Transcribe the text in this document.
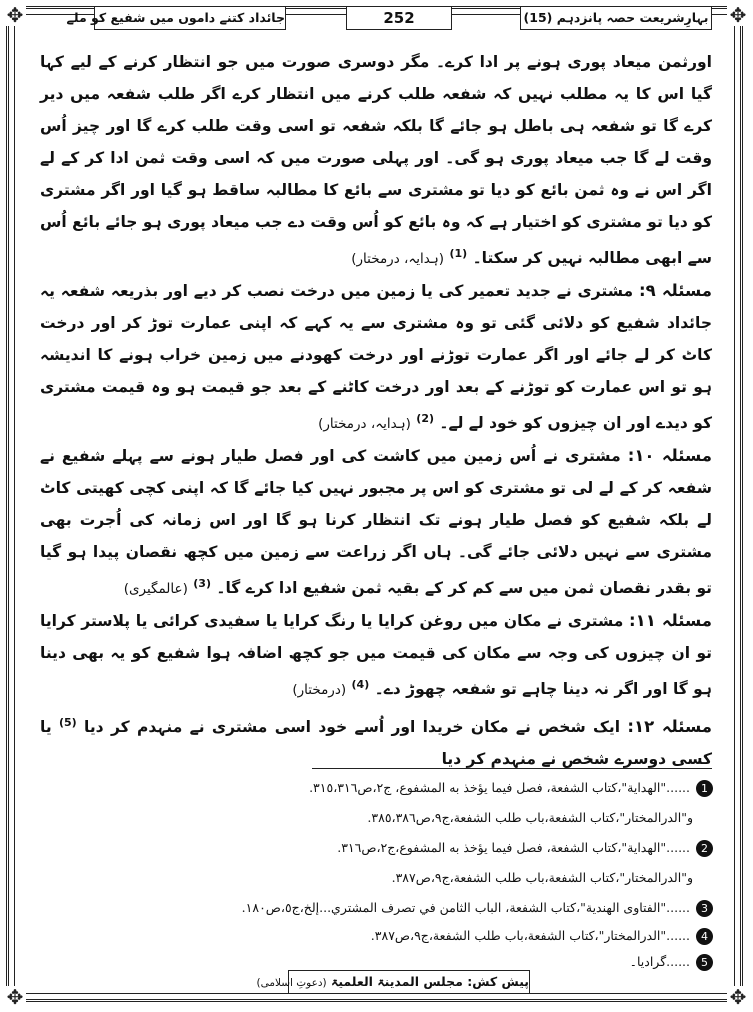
✥	✥
✥	✥
بہارِشریعت حصہ پانزدہم (15)
252
جائداد کتنے داموں میں شفیع کو ملے

اورثمن میعاد پوری ہونے پر ادا کرے۔ مگر دوسری صورت میں جو انتظار کرنے کے لیے کہا گیا اس کا یہ مطلب نہیں کہ شفعہ طلب کرنے میں انتظار کرے اگر طلب شفعہ میں دیر کرے گا تو شفعہ ہی باطل ہو جائے گا بلکہ شفعہ تو اسی وقت طلب کرے گا اور چیز اُس وقت لے گا جب میعاد پوری ہو گی۔ اور پہلی صورت میں کہ اسی وقت ثمن ادا کر کے لے اگر اس نے وہ ثمن بائع کو دیا تو مشتری سے بائع کا مطالبہ ساقط ہو گیا اور اگر مشتری کو دیا تو مشتری کو اختیار ہے کہ وہ بائع کو اُس وقت دے جب میعاد پوری ہو جائے بائع اُس سے ابھی مطالبہ نہیں کر سکتا۔ $^{(1)}$ (ہدایہ، درمختار)

مسئلہ ۹: مشتری نے جدید تعمیر کی یا زمین میں درخت نصب کر دیے اور بذریعہ شفعہ یہ جائداد شفیع کو دلائی گئی تو وہ مشتری سے یہ کہے کہ اپنی عمارت توڑ کر اور درخت کاٹ کر لے جائے اور اگر عمارت توڑنے اور درخت کھودنے میں زمین خراب ہونے کا اندیشہ ہو تو اس عمارت کو توڑنے کے بعد اور درخت کاٹنے کے بعد جو قیمت ہو وہ قیمت مشتری کو دیدے اور ان چیزوں کو خود لے لے۔ $^{(2)}$ (ہدایہ، درمختار)

مسئلہ ۱۰: مشتری نے اُس زمین میں کاشت کی اور فصل طیار ہونے سے پہلے شفیع نے شفعہ کر کے لے لی تو مشتری کو اس پر مجبور نہیں کیا جائے گا کہ اپنی کچی کھیتی کاٹ لے بلکہ شفیع کو فصل طیار ہونے تک انتظار کرنا ہو گا اور اس زمانہ کی اُجرت بھی مشتری سے نہیں دلائی جائے گی۔ ہاں اگر زراعت سے زمین میں کچھ نقصان پیدا ہو گیا تو بقدر نقصان ثمن میں سے کم کر کے بقیہ ثمن شفیع ادا کرے گا۔ $^{(3)}$ (عالمگیری)

مسئلہ ۱۱: مشتری نے مکان میں روغن کرایا یا رنگ کرایا یا سفیدی کرائی یا پلاستر کرایا تو ان چیزوں کی وجہ سے مکان کی قیمت میں جو کچھ اضافہ ہوا شفیع کو یہ بھی دینا ہو گا اور اگر نہ دینا چاہے تو شفعہ چھوڑ دے۔ $^{(4)}$ (درمختار)

مسئلہ ۱۲: ایک شخص نے مکان خریدا اور اُسے خود اسی مشتری نے منہدم کر دیا $^{(5)}$ یا کسی دوسرے شخص نے منہدم کر دیا

1......"الهداية"،كتاب الشفعة، فصل فيما يؤخذ به المشفوع، ج٢،ص٣١٥،٣١٦.
و"الدرالمختار"،كتاب الشفعة،باب طلب الشفعة،ج٩،ص٣٨٥،٣٨٦.
2......"الهداية"،كتاب الشفعة، فصل فيما يؤخذ به المشفوع،ج٢،ص٣١٦.
و"الدرالمختار"،كتاب الشفعة،باب طلب الشفعة،ج٩،ص٣٨٧.
3......"الفتاوى الهندية"،كتاب الشفعة، الباب الثامن في تصرف المشتري...إلخ،ج٥،ص١٨٠.
4......"الدرالمختار"،كتاب الشفعة،باب طلب الشفعة،ج٩،ص٣٨٧.
5......گرادیا۔
پیش کش: مجلس المدینۃ العلمیۃ (دعوتِ اسلامی)
